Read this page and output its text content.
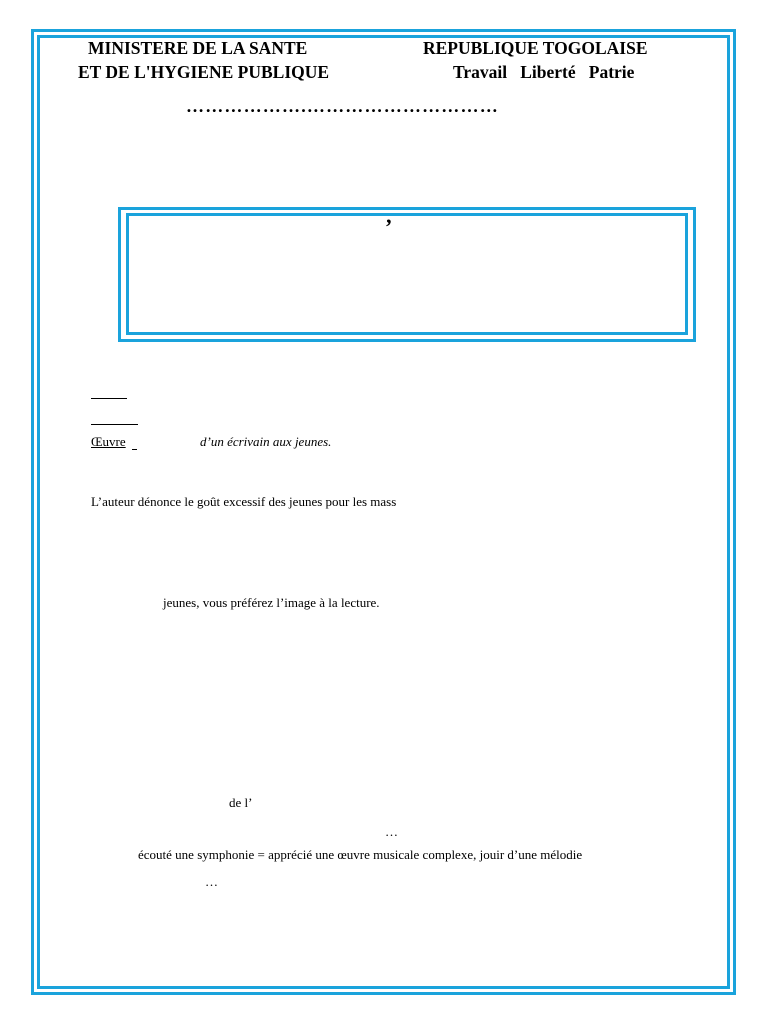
MINISTERE DE LA SANTE
ET DE L'HYGIENE PUBLIQUE
REPUBLIQUE TOGOLAISE
Travail   Liberté   Patrie
……………….…………………………
’
Œuvre	d’un écrivain aux jeunes.
L’auteur dénonce le goût excessif des jeunes pour les mass
jeunes, vous préférez l’image à la lecture.
de l’
…
écouté une symphonie = apprécié une œuvre musicale complexe, jouir d’une mélodie
…
